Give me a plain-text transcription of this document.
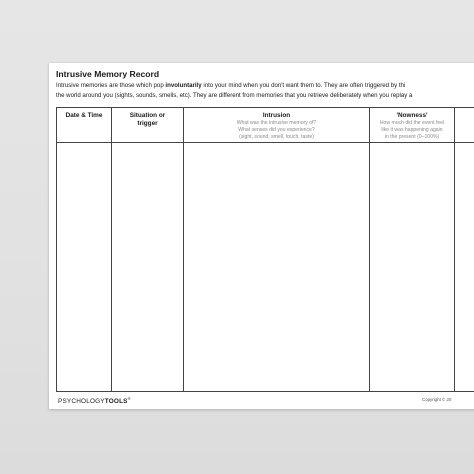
Intrusive Memory Record
Intrusive memories are those which pop involuntarily into your mind when you don't want them to. They are often triggered by thi
the world around you (sights, sounds, smells, etc). They are different from memories that you retrieve deliberately when you replay a
Date & Time	Situation or
trigger
Intrusion
What was the intrusive memory of?
What senses did you experience?
(sight, sound, smell, touch, taste)
'Nowness'
How much did the event feel
like it was happening again
in the present (0–100%)
PSYCHOLOGYTOOLS®	Copyright © 20
